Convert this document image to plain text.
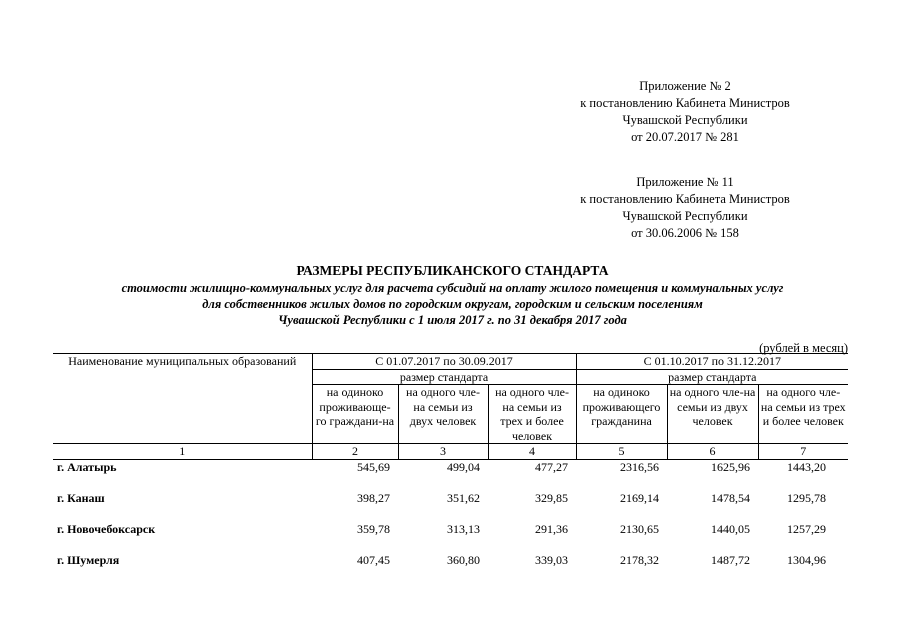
Приложение № 2
к постановлению Кабинета Министров
Чувашской Республики
от 20.07.2017 № 281
Приложение № 11
к постановлению Кабинета Министров
Чувашской Республики
от 30.06.2006 № 158
РАЗМЕРЫ РЕСПУБЛИКАНСКОГО СТАНДАРТА
стоимости жилищно-коммунальных услуг для расчета субсидий на оплату жилого помещения и коммунальных услуг
для собственников жилых домов по городским округам, городским и сельским поселениям
Чувашской Республики с 1 июля 2017 г. по 31 декабря 2017 года
(рублей в месяц)
Наименование муниципальных образований	С 01.07.2017 по 30.09.2017			С 01.10.2017 по 31.12.2017		
	размер стандарта			размер стандарта		
	на одиноко проживающе-го граждани-на	на одного чле-на семьи из двух человек	на одного чле-на семьи из трех и более человек	на одиноко проживающего гражданина	на одного чле-на семьи из двух человек	на одного чле-на семьи из трех и более человек
1	2	3	4	5	6	7
г. Алатырь	545,69	499,04	477,27	2316,56	1625,96	1443,20
г. Канаш	398,27	351,62	329,85	2169,14	1478,54	1295,78
г. Новочебоксарск	359,78	313,13	291,36	2130,65	1440,05	1257,29
г. Шумерля	407,45	360,80	339,03	2178,32	1487,72	1304,96
